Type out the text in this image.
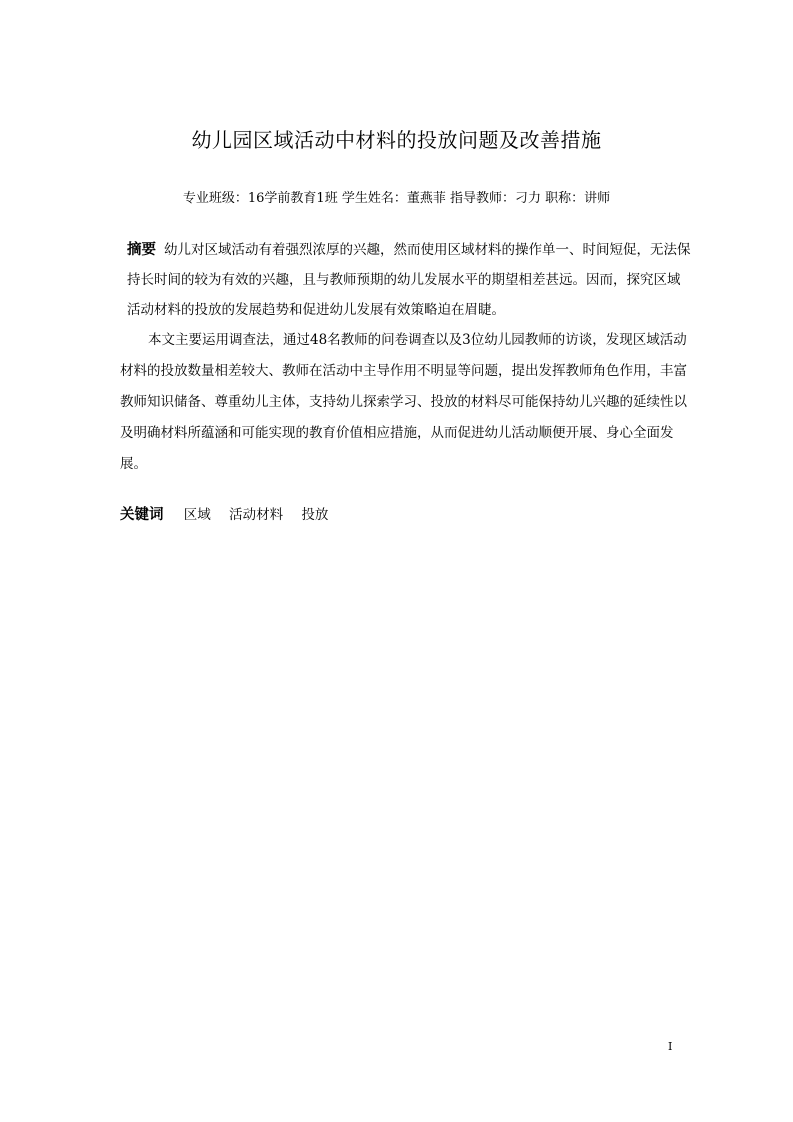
幼儿园区域活动中材料的投放问题及改善措施
专业班级：16学前教育1班 学生姓名：董燕菲 指导教师：刁力 职称：讲师

摘要 幼儿对区域活动有着强烈浓厚的兴趣，然而使用区域材料的操作单一、时间短促，无法保持长时间的较为有效的兴趣，且与教师预期的幼儿发展水平的期望相差甚远。因而，探究区域活动材料的投放的发展趋势和促进幼儿发展有效策略迫在眉睫。

本文主要运用调查法，通过48名教师的问卷调查以及3位幼儿园教师的访谈，发现区域活动材料的投放数量相差较大、教师在活动中主导作用不明显等问题，提出发挥教师角色作用，丰富教师知识储备、尊重幼儿主体，支持幼儿探索学习、投放的材料尽可能保持幼儿兴趣的延续性以及明确材料所蕴涵和可能实现的教育价值相应措施，从而促进幼儿活动顺便开展、身心全面发展。

关键词 区域 活动材料 投放
I
